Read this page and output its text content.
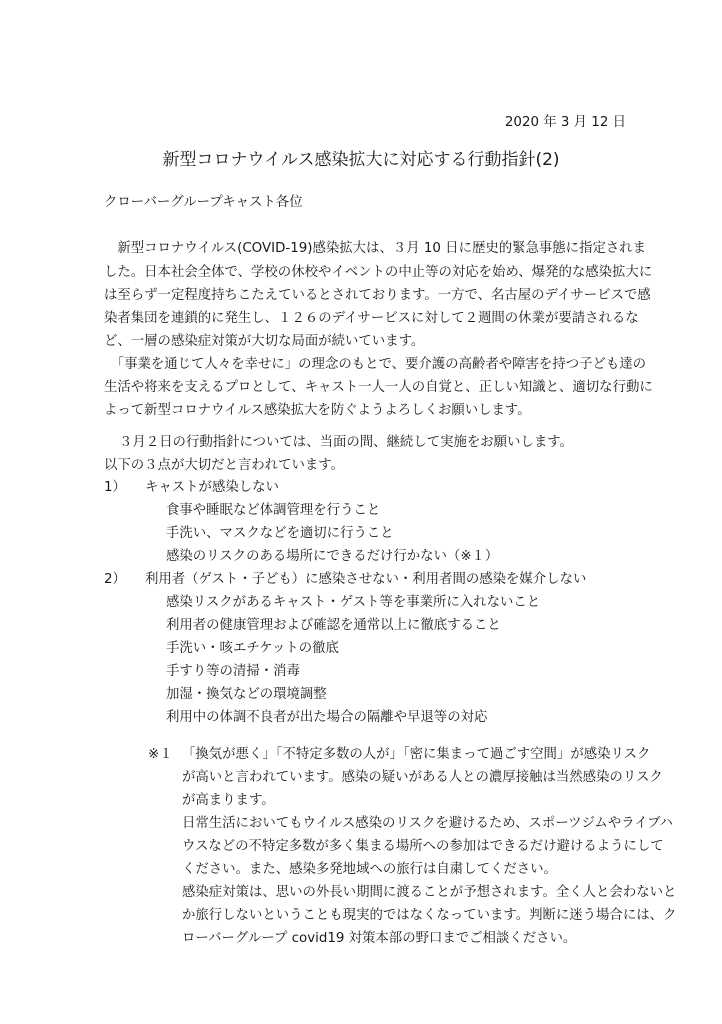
2020 年 3 月 12 日
新型コロナウイルス感染拡大に対応する行動指針(2)
クローバーグループキャスト各位
　新型コロナウイルス(COVID-19)感染拡大は、３月 10 日に歴史的緊急事態に指定されま
した。日本社会全体で、学校の休校やイベントの中止等の対応を始め、爆発的な感染拡大に
は至らず一定程度持ちこたえているとされております。一方で、名古屋のデイサービスで感
染者集団を連鎖的に発生し、１２６のデイサービスに対して２週間の休業が要請されるな
ど、一層の感染症対策が大切な局面が続いています。
　「事業を通じて人々を幸せに」の理念のもとで、要介護の高齢者や障害を持つ子ども達の
生活や将来を支えるプロとして、キャスト一人一人の自覚と、正しい知識と、適切な行動に
よって新型コロナウイルス感染拡大を防ぐようよろしくお願いします。
３月２日の行動指針については、当面の間、継続して実施をお願いします。
以下の３点が大切だと言われています。
1） キャストが感染しない
食事や睡眠など体調管理を行うこと
手洗い、マスクなどを適切に行うこと
感染のリスクのある場所にできるだけ行かない（※１）
2） 利用者（ゲスト・子ども）に感染させない・利用者間の感染を媒介しない
感染リスクがあるキャスト・ゲスト等を事業所に入れないこと
利用者の健康管理および確認を通常以上に徹底すること
手洗い・咳エチケットの徹底
手すり等の清掃・消毒
加湿・換気などの環境調整
利用中の体調不良者が出た場合の隔離や早退等の対応
※１ 「換気が悪く」「不特定多数の人が」「密に集まって過ごす空間」が感染リスク
が高いと言われています。感染の疑いがある人との濃厚接触は当然感染のリスク
が高まります。
日常生活においてもウイルス感染のリスクを避けるため、スポーツジムやライブハ
ウスなどの不特定多数が多く集まる場所への参加はできるだけ避けるようにして
ください。また、感染多発地域への旅行は自粛してください。
感染症対策は、思いの外長い期間に渡ることが予想されます。全く人と会わないと
か旅行しないということも現実的ではなくなっています。判断に迷う場合には、ク
ローバーグループ covid19 対策本部の野口までご相談ください。
